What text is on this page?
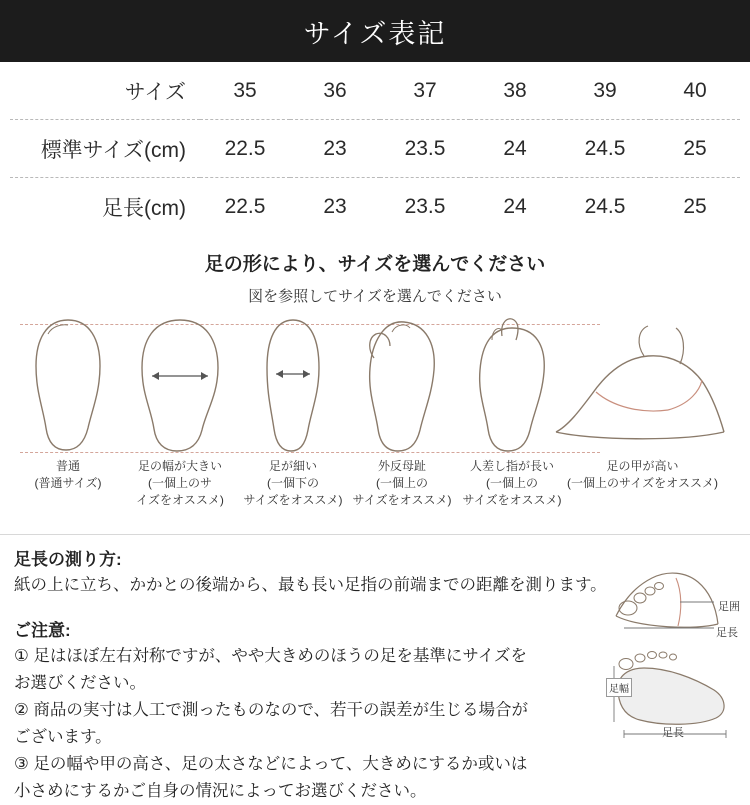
サイズ表記
サイズ	35	36	37	38	39	40
標準サイズ(cm)	22.5	23	23.5	24	24.5	25
足長(cm)	22.5	23	23.5	24	24.5	25
足の形により、サイズを選んでください
図を参照してサイズを選んでください
普通
(普通サイズ)
足の幅が大きい
(一個上のサ
イズをオススメ)
足が細い
(一個下の
サイズをオススメ)
外反母趾
(一個上の
サイズをオススメ)
人差し指が長い
(一個上の
サイズをオススメ)
足の甲が高い
(一個上のサイズをオススメ)
足長の測り方:

紙の上に立ち、かかとの後端から、最も長い足指の前端までの距離を測ります。

ご注意:
① 足はほぼ左右対称ですが、やや大きめのほうの足を基準にサイズを
お選びください。
② 商品の実寸は人工で測ったものなので、若干の誤差が生じる場合が
ございます。
③ 足の幅や甲の高さ、足の太さなどによって、大きめにするか或いは
小さめにするかご自身の情況によってお選びください。
足囲
足長
足幅
足長
